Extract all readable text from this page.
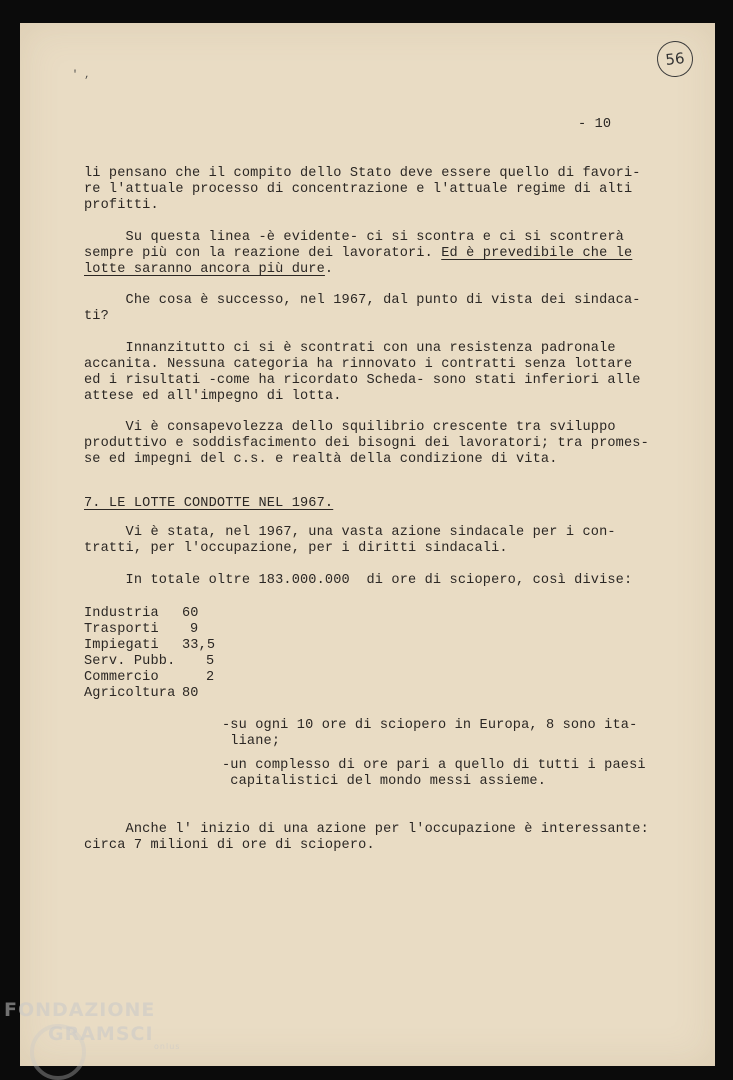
56
' ,
- 10
li pensano che il compito dello Stato deve essere quello di favori-
re l'attuale processo di concentrazione e l'attuale regime di alti
profitti.
Su questa linea -è evidente- ci si scontra e ci si scontrerà
sempre più con la reazione dei lavoratori. Ed è prevedibile che le
lotte saranno ancora più dure.
Che cosa è successo, nel 1967, dal punto di vista dei sindaca-
ti?
Innanzitutto ci si è scontrati con una resistenza padronale
accanita. Nessuna categoria ha rinnovato i contratti senza lottare
ed i risultati -come ha ricordato Scheda- sono stati inferiori alle
attese ed all'impegno di lotta.
Vi è consapevolezza dello squilibrio crescente tra sviluppo
produttivo e soddisfacimento dei bisogni dei lavoratori; tra promes-
se ed impegni del c.s. e realtà della condizione di vita.
7. LE LOTTE CONDOTTE NEL 1967.
Vi è stata, nel 1967, una vasta azione sindacale per i con-
tratti, per l'occupazione, per i diritti sindacali.
In totale oltre 183.000.000  di ore di sciopero, così divise:
Industria 60
Trasporti 9
Impiegati 33,5
Serv. Pubb. 5
Commercio	2
Agricoltura 80
-su ogni 10 ore di sciopero in Europa, 8 sono ita-
liane;
-un complesso di ore pari a quello di tutti i paesi
capitalistici del mondo messi assieme.
Anche l' inizio di una azione per l'occupazione è interessante:
circa 7 milioni di ore di sciopero.
FONDAZIONE
GRAMSCI
onlus
